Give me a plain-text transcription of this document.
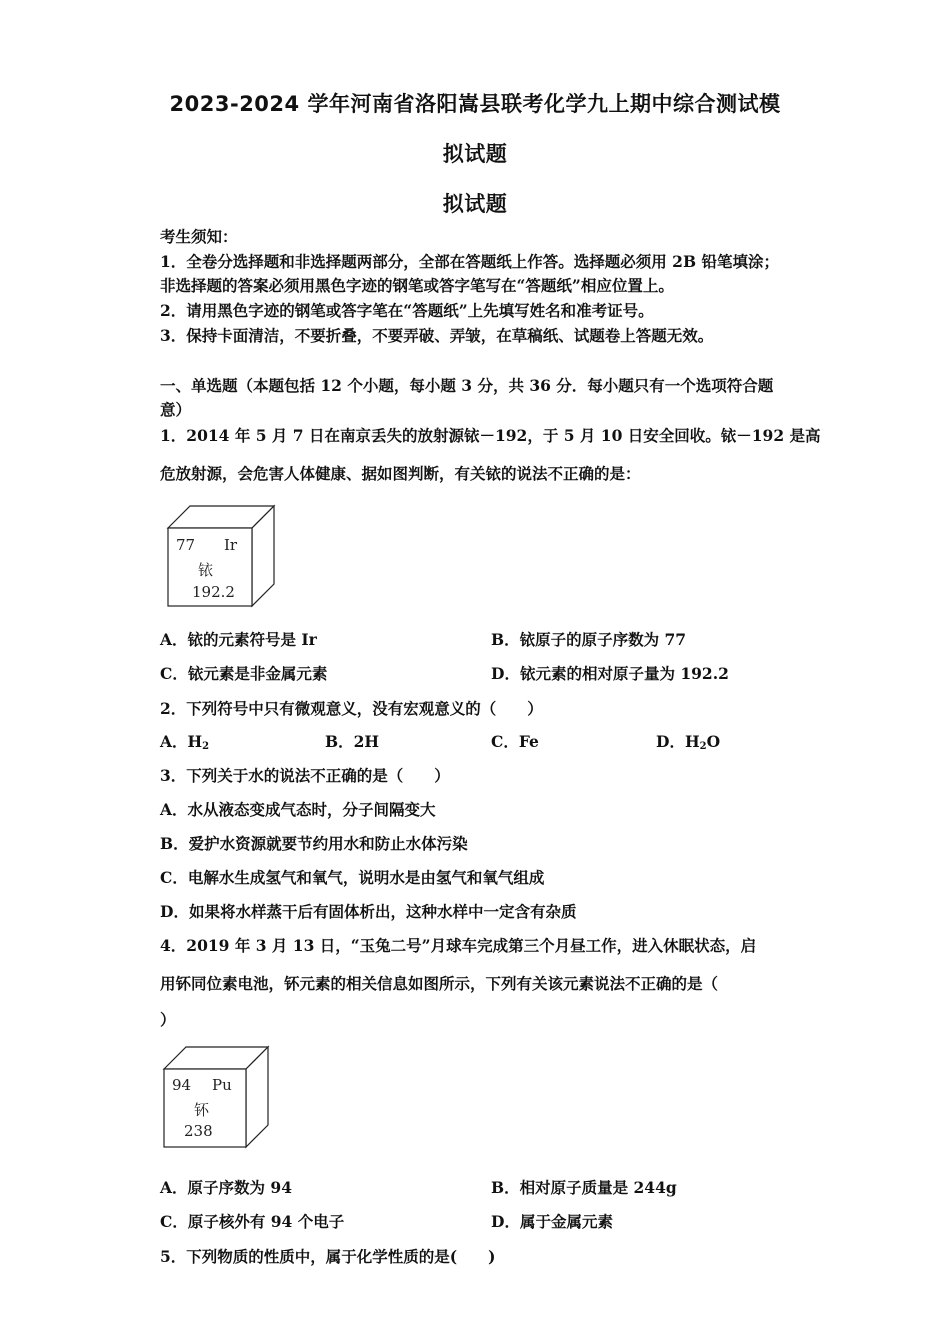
2023-2024 学年河南省洛阳嵩县联考化学九上期中综合测试模
拟试题
拟试题
考生须知：
1．全卷分选择题和非选择题两部分，全部在答题纸上作答。选择题必须用 2B 铅笔填涂；
非选择题的答案必须用黑色字迹的钢笔或答字笔写在“答题纸”相应位置上。
2．请用黑色字迹的钢笔或答字笔在“答题纸”上先填写姓名和准考证号。
3．保持卡面清洁，不要折叠，不要弄破、弄皱，在草稿纸、试题卷上答题无效。
一、单选题（本题包括 12 个小题，每小题 3 分，共 36 分．每小题只有一个选项符合题
意）
1．2014 年 5 月 7 日在南京丢失的放射源铱－192，于 5 月 10 日安全回收。铱－192 是高
危放射源，会危害人体健康、据如图判断，有关铱的说法不正确的是：
77 Ir
铱
192.2
A．铱的元素符号是 Ir	B．铱原子的原子序数为 77
C．铱元素是非金属元素	D．铱元素的相对原子量为 192.2
2．下列符号中只有微观意义，没有宏观意义的（　　）
A．$H_2$	B．2H	C．Fe	D．$H_2O$
3．下列关于水的说法不正确的是（　　）
A．水从液态变成气态时，分子间隔变大
B．爱护水资源就要节约用水和防止水体污染
C．电解水生成氢气和氧气，说明水是由氢气和氧气组成
D．如果将水样蒸干后有固体析出，这种水样中一定含有杂质
4．2019 年 3 月 13 日，“玉兔二号”月球车完成第三个月昼工作，进入休眠状态，启
用钚同位素电池，钚元素的相关信息如图所示，下列有关该元素说法不正确的是（
）
94 Pu
钚
238
A．原子序数为 94	B．相对原子质量是 244g
C．原子核外有 94 个电子	D．属于金属元素
5．下列物质的性质中，属于化学性质的是(　　)
